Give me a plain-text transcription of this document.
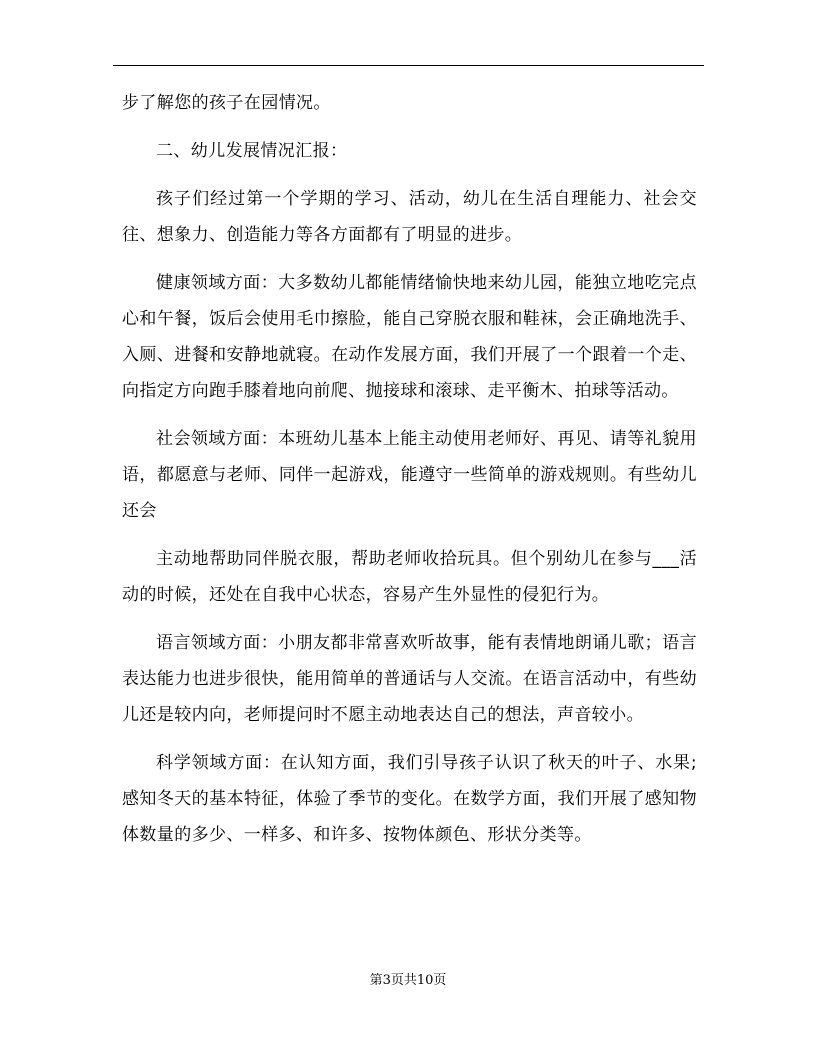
步了解您的孩子在园情况。

二、幼儿发展情况汇报：

孩子们经过第一个学期的学习、活动，幼儿在生活自理能力、社会交往、想象力、创造能力等各方面都有了明显的进步。

健康领域方面：大多数幼儿都能情绪愉快地来幼儿园，能独立地吃完点心和午餐，饭后会使用毛巾擦脸，能自己穿脱衣服和鞋袜，会正确地洗手、入厕、进餐和安静地就寝。在动作发展方面，我们开展了一个跟着一个走、向指定方向跑手膝着地向前爬、抛接球和滚球、走平衡木、拍球等活动。

社会领域方面：本班幼儿基本上能主动使用老师好、再见、请等礼貌用语，都愿意与老师、同伴一起游戏，能遵守一些简单的游戏规则。有些幼儿还会

主动地帮助同伴脱衣服，帮助老师收拾玩具。但个别幼儿在参与___活动的时候，还处在自我中心状态，容易产生外显性的侵犯行为。

语言领域方面：小朋友都非常喜欢听故事，能有表情地朗诵儿歌；语言表达能力也进步很快，能用简单的普通话与人交流。在语言活动中，有些幼儿还是较内向，老师提问时不愿主动地表达自己的想法，声音较小。

科学领域方面：在认知方面，我们引导孩子认识了秋天的叶子、水果;感知冬天的基本特征，体验了季节的变化。在数学方面，我们开展了感知物体数量的多少、一样多、和许多、按物体颜色、形状分类等。

第3页共10页
